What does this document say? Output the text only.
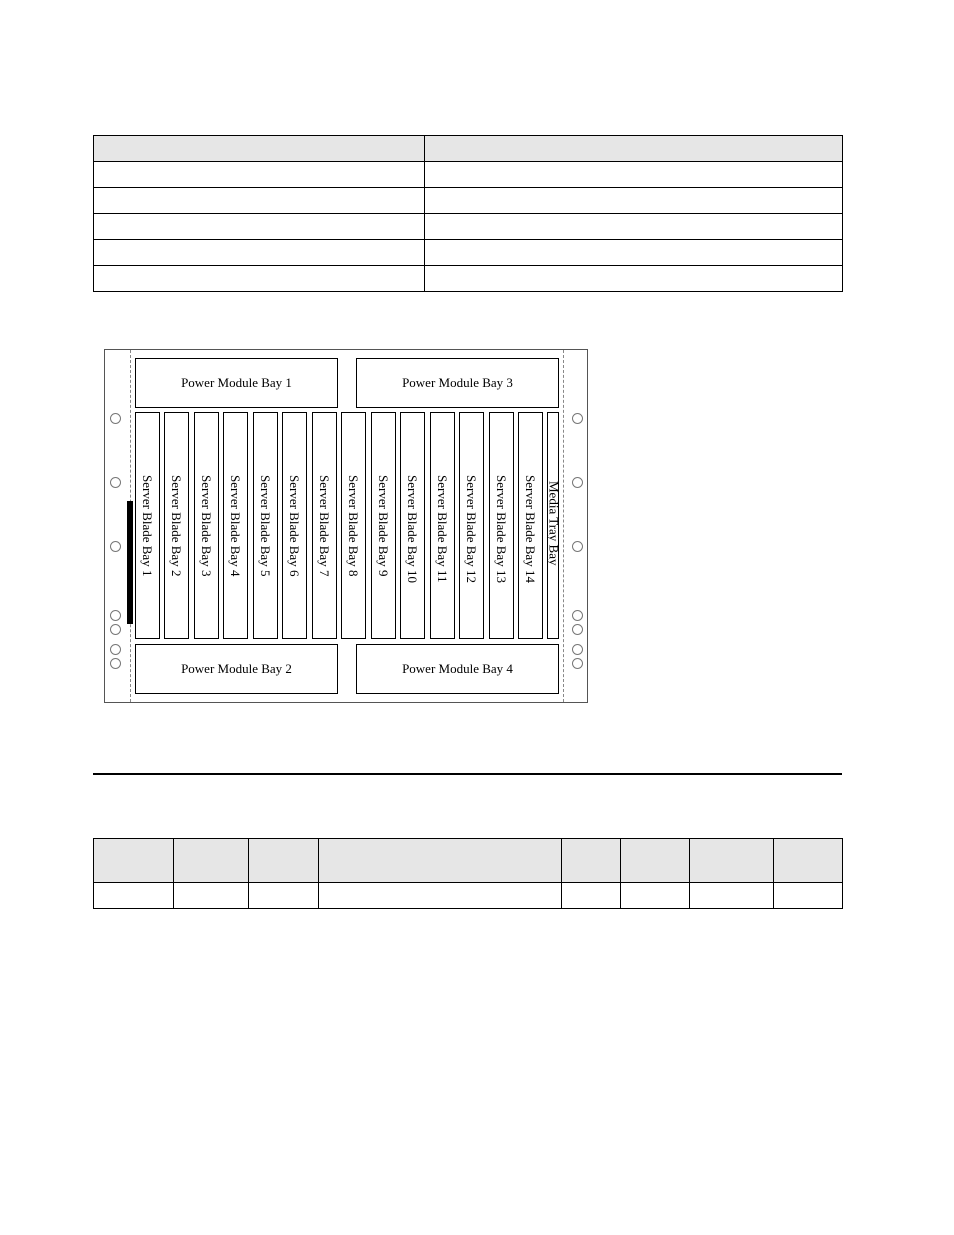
Power Module Bay 1	Power Module Bay 3
Power Module Bay 2	Power Module Bay 4
Server Blade Bay 1 Server Blade Bay 2 Server Blade Bay 3 Server Blade Bay 4 Server Blade Bay 5 Server Blade Bay 6 Server Blade Bay 7 Server Blade Bay 8 Server Blade Bay 9 Server Blade Bay 10 Server Blade Bay 11 Server Blade Bay 12 Server Blade Bay 13 Server Blade Bay 14 Media Tray Bay
